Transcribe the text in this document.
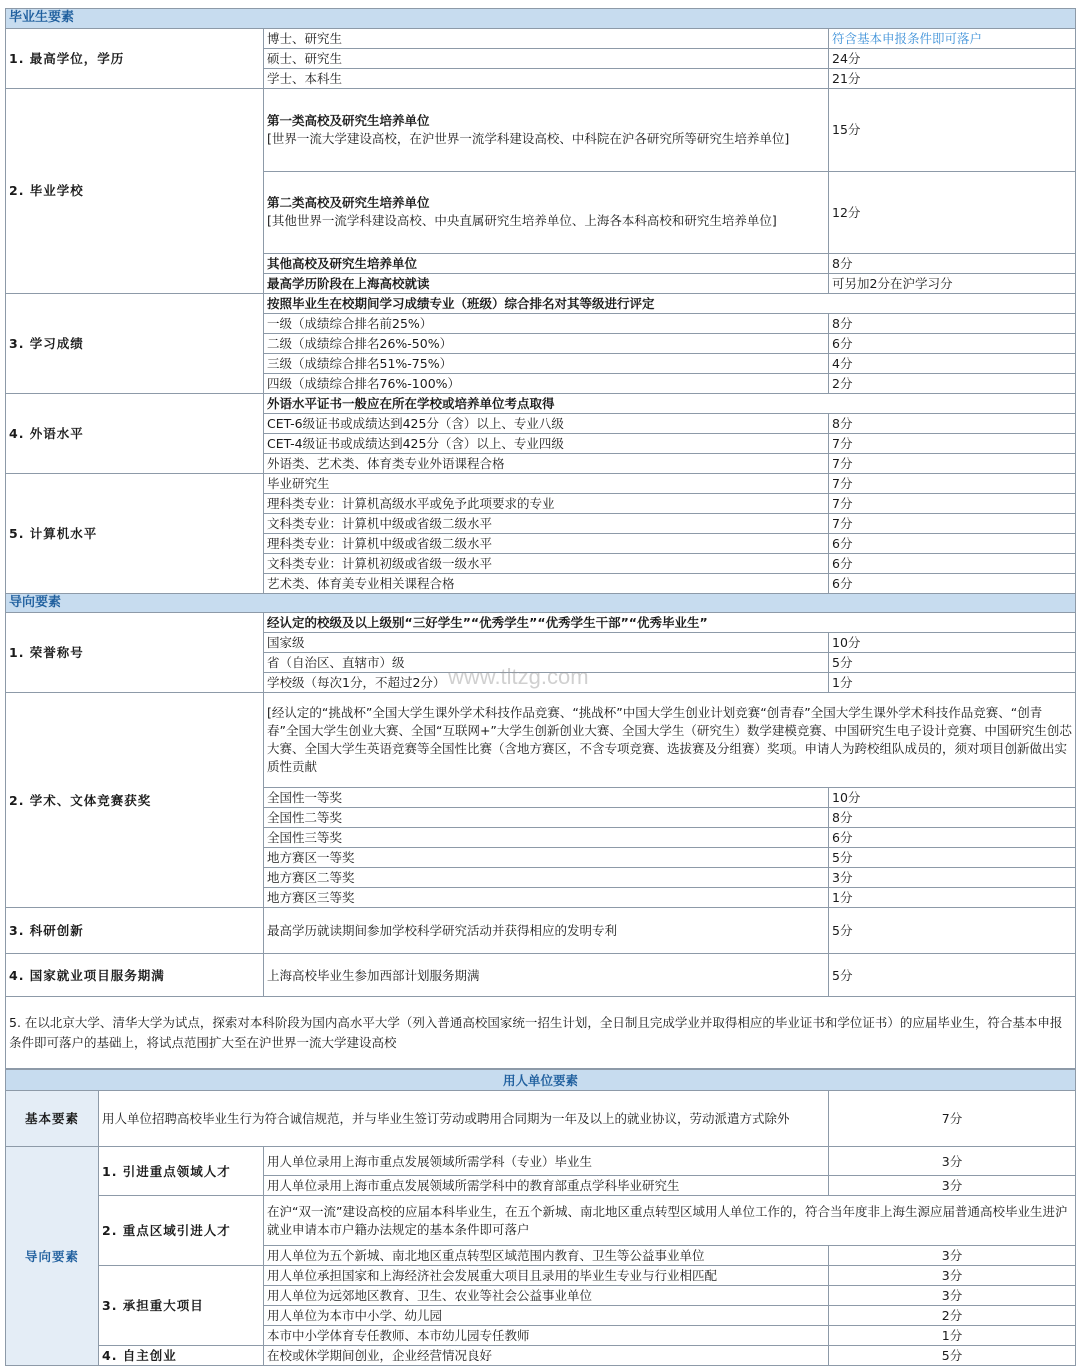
毕业生要素		
1. 最高学位，学历	博士、研究生	符含基本申报条件即可落户
	硕士、研究生	24分
	学士、本科生	21分
2. 毕业学校	第一类高校及研究生培养单位
[世界一流大学建设高校，在沪世界一流学科建设高校、中科院在沪各研究所等研究生培养单位]	15分

	第二类高校及研究生培养单位
[其他世界一流学科建设高校、中央直属研究生培养单位、上海各本科高校和研究生培养单位]	12分
	其他高校及研究生培养单位	8分
	最高学历阶段在上海高校就读	可另加2分在沪学习分
3. 学习成绩	按照毕业生在校期间学习成绩专业（班级）综合排名对其等级进行评定	
	一级（成绩综合排名前25%）	8分
	二级（成绩综合排名26%-50%）	6分
	三级（成绩综合排名51%-75%）	4分
	四级（成绩综合排名76%-100%）	2分
4. 外语水平	外语水平证书一般应在所在学校或培养单位考点取得	
	CET-6级证书或成绩达到425分（含）以上、专业八级	8分
	CET-4级证书或成绩达到425分（含）以上、专业四级	7分
	外语类、艺术类、体育类专业外语课程合格	7分
5. 计算机水平	毕业研究生	7分
	理科类专业：计算机高级水平或免予此项要求的专业	7分
	文科类专业：计算机中级或省级二级水平	7分
	理科类专业：计算机中级或省级二级水平	6分
	文科类专业：计算机初级或省级一级水平	6分
	艺术类、体育美专业相关课程合格	6分
导向要素		
1. 荣誉称号	经认定的校级及以上级别“三好学生”“优秀学生”“优秀学生干部”“优秀毕业生”	
	国家级	10分
	省（自治区、直辖市）级	5分
	学校级（每次1分，不超过2分）	1分
2. 学术、文体竞赛获奖	[经认定的“挑战杯”全国大学生课外学术科技作品竞赛、“挑战杯”中国大学生创业计划竞赛“创青春”全国大学生课外学术科技作品竞赛、“创青春”全国大学生创业大赛、全国“互联网+”大学生创新创业大赛、全国大学生（研究生）数学建模竞赛、中国研究生电子设计竞赛、中国研究生创芯大赛、全国大学生英语竞赛等全国性比赛（含地方赛区，不含专项竞赛、选拔赛及分组赛）奖项。申请人为跨校组队成员的，须对项目创新做出实质性贡献	
	全国性一等奖	10分
	全国性二等奖	8分
	全国性三等奖	6分
	地方赛区一等奖	5分
	地方赛区二等奖	3分
	地方赛区三等奖	1分
3. 科研创新	最高学历就读期间参加学校科学研究活动并获得相应的发明专利	5分
4. 国家就业项目服务期满	上海高校毕业生参加西部计划服务期满	5分
5. 在以北京大学、清华大学为试点，探索对本科阶段为国内高水平大学（列入普通高校国家统一招生计划，全日制且完成学业并取得相应的毕业证书和学位证书）的应届毕业生，符合基本申报条件即可落户的基础上，将试点范围扩大至在沪世界一流大学建设高校		
用人单位要素			
基本要素	用人单位招聘高校毕业生行为符合诚信规范，并与毕业生签订劳动或聘用合同期为一年及以上的就业协议，劳动派遣方式除外		7分
导向要素	1. 引进重点领域人才	用人单位录用上海市重点发展领域所需学科（专业）毕业生	3分
		用人单位录用上海市重点发展领域所需学科中的教育部重点学科毕业研究生	3分
	2. 重点区域引进人才	在沪“双一流”建设高校的应届本科毕业生，在五个新城、南北地区重点转型区域用人单位工作的，符合当年度非上海生源应届普通高校毕业生进沪就业申请本市户籍办法规定的基本条件即可落户	
		用人单位为五个新城、南北地区重点转型区域范围内教育、卫生等公益事业单位	3分
	3. 承担重大项目	用人单位承担国家和上海经济社会发展重大项目且录用的毕业生专业与行业相匹配	3分
		用人单位为远郊地区教育、卫生、农业等社会公益事业单位	3分
		用人单位为本市中小学、幼儿园	2分
		本市中小学体育专任教师、本市幼儿园专任教师	1分
	4. 自主创业	在校或休学期间创业，企业经营情况良好	5分
www.tltzg.com
